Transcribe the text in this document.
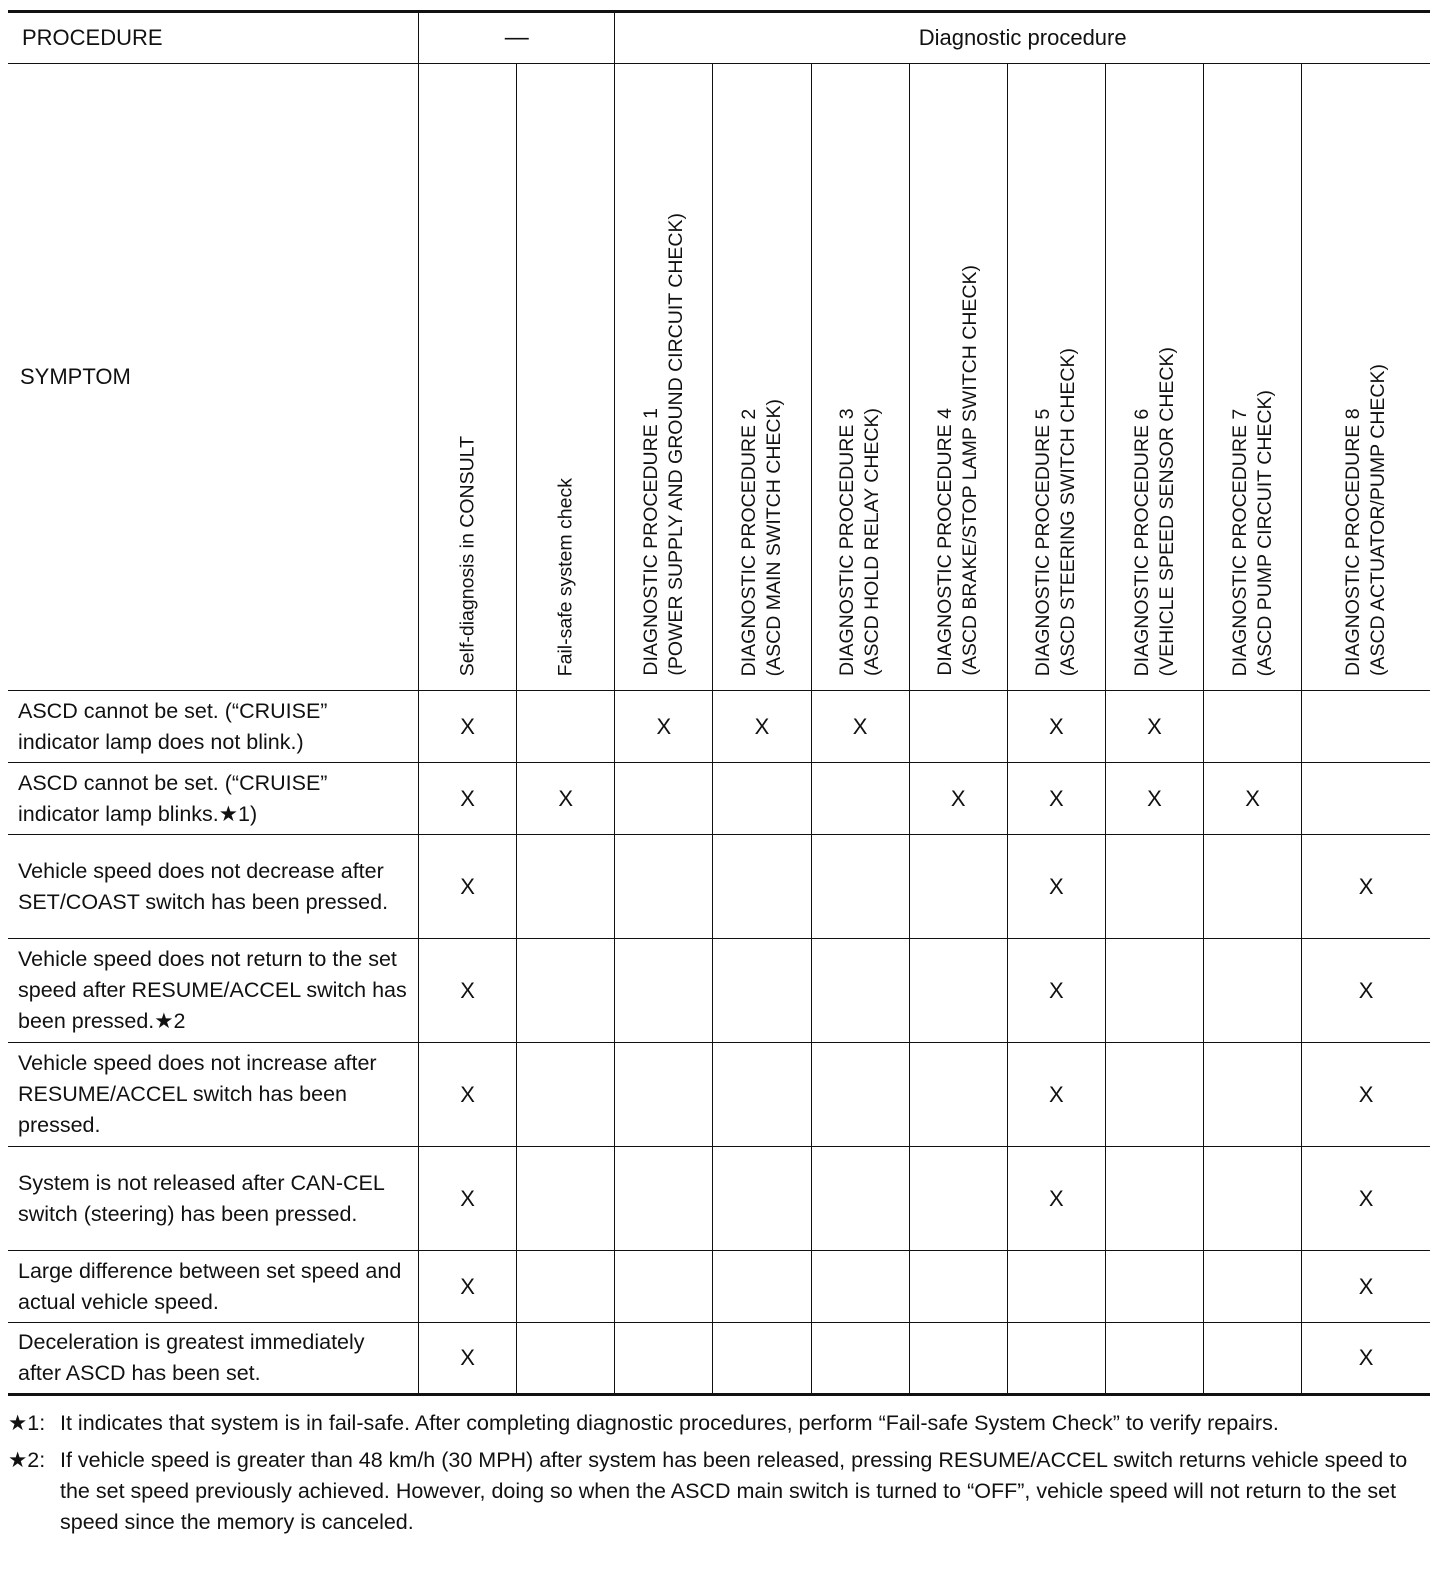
PROCEDURE	—		Diagnostic procedure							
SYMPTOM	Self-diagnosis in CONSULT	Fail-safe system check	DIAGNOSTIC PROCEDURE 1 (POWER SUPPLY AND GROUND CIRCUIT CHECK)	DIAGNOSTIC PROCEDURE 2 (ASCD MAIN SWITCH CHECK)	DIAGNOSTIC PROCEDURE 3 (ASCD HOLD RELAY CHECK)	DIAGNOSTIC PROCEDURE 4 (ASCD BRAKE/STOP LAMP SWITCH CHECK)	DIAGNOSTIC PROCEDURE 5 (ASCD STEERING SWITCH CHECK)	DIAGNOSTIC PROCEDURE 6 (VEHICLE SPEED SENSOR CHECK)	DIAGNOSTIC PROCEDURE 7 (ASCD PUMP CIRCUIT CHECK)	DIAGNOSTIC PROCEDURE 8 (ASCD ACTUATOR/PUMP CHECK)

ASCD cannot be set. (“CRUISE” indicator lamp does not blink.)	X		X	X	X		X	X		
ASCD cannot be set. (“CRUISE” indicator lamp blinks.★1)	X	X				X	X	X	X	
Vehicle speed does not decrease after SET/COAST switch has been pressed.	X						X			X
Vehicle speed does not return to the set speed after RESUME/ACCEL switch has been pressed.★2	X						X			X
Vehicle speed does not increase after RESUME/ACCEL switch has been pressed.	X						X			X
System is not released after CAN-CEL switch (steering) has been pressed.	X						X			X
Large difference between set speed and actual vehicle speed.	X									X
Deceleration is greatest immediately after ASCD has been set.	X									X
★1: It indicates that system is in fail-safe. After completing diagnostic procedures, perform “Fail-safe System Check” to verify repairs.
★2: If vehicle speed is greater than 48 km/h (30 MPH) after system has been released, pressing RESUME/ACCEL switch returns vehicle speed to the set speed previously achieved. However, doing so when the ASCD main switch is turned to “OFF”, vehicle speed will not return to the set speed since the memory is canceled.
